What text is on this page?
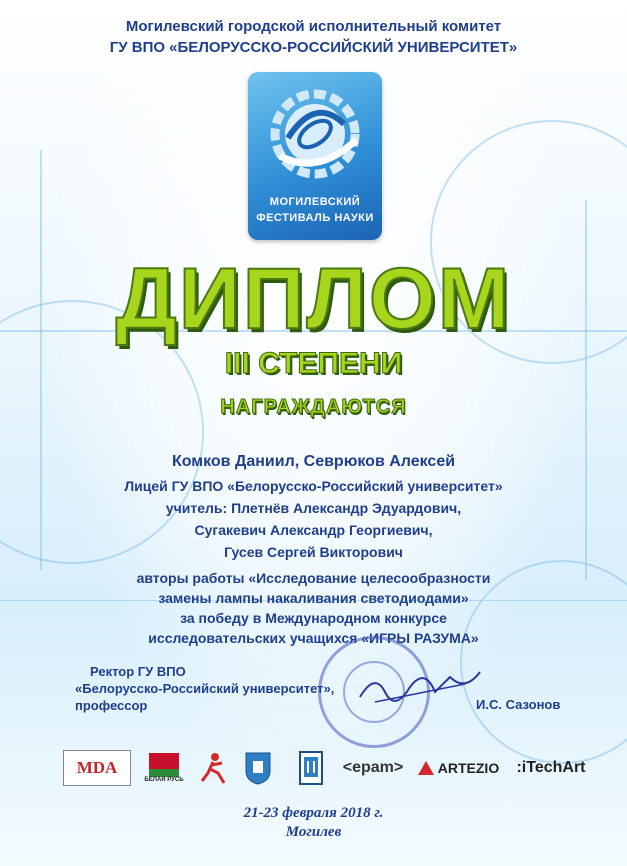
Могилевский городской исполнительный комитет
ГУ ВПО «БЕЛОРУССКО-РОССИЙСКИЙ УНИВЕРСИТЕТ»
МОГИЛЕВСКИЙ
ФЕСТИВАЛЬ НАУКИ
ДИПЛОМ
III СТЕПЕНИ
НАГРАЖДАЮТСЯ
Комков Даниил, Севрюков Алексей
Лицей ГУ ВПО «Белорусско-Российский университет»
учитель: Плетнёв Александр Эдуардович,
Сугакевич Александр Георгиевич,
Гусев Сергей Викторович
авторы работы «Исследование целесообразности
замены лампы накаливания светодиодами»
за победу в Международном конкурсе
исследовательских учащихся «ИГРЫ РАЗУМА»
Ректор ГУ ВПО
«Белорусско-Российский университет»,
профессор	И.С. Сазонов
MDA
БЕЛАЯ РУСЬ
<epam> ARTEZIO :iTechArt
21-23 февраля 2018 г.
Могилев
